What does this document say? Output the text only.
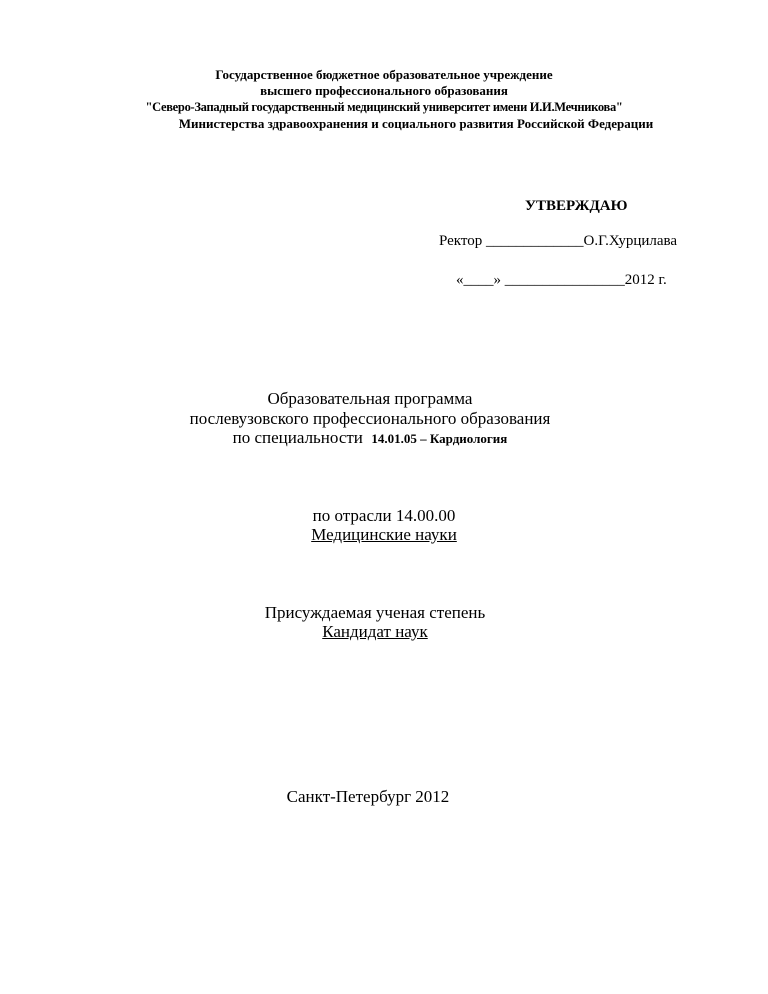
Государственное бюджетное образовательное учреждение
высшего профессионального образования
"Северо-Западный государственный медицинский университет имени И.И.Мечникова"
Министерства здравоохранения и социального развития Российской Федерации
УТВЕРЖДАЮ
Ректор _____________О.Г.Хурцилава
«____» ________________2012 г.
Образовательная программа
послевузовского профессионального образования
по специальности 14.01.05 – Кардиология
по отрасли 14.00.00
Медицинские науки
Присуждаемая ученая степень
Кандидат наук
Санкт-Петербург 2012
